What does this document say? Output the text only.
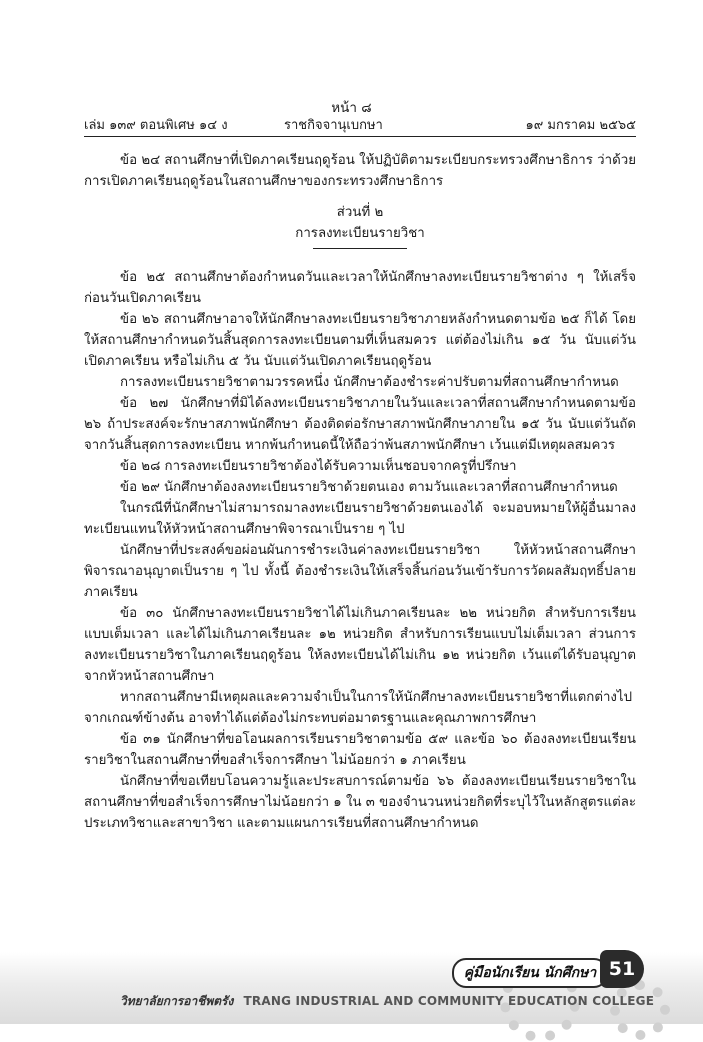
หน้า ๘
เล่ม ๑๓๙ ตอนพิเศษ ๑๔ ง	ราชกิจจานุเบกษา	๑๙ มกราคม ๒๕๖๕

ข้อ ๒๔ สถานศึกษาที่เปิดภาคเรียนฤดูร้อน ให้ปฏิบัติตามระเบียบกระทรวงศึกษาธิการ ว่าด้วยการเปิดภาคเรียนฤดูร้อนในสถานศึกษาของกระทรวงศึกษาธิการ

ส่วนที่ ๒

การลงทะเบียนรายวิชา

ข้อ ๒๕ สถานศึกษาต้องกำหนดวันและเวลาให้นักศึกษาลงทะเบียนรายวิชาต่าง ๆ ให้เสร็จก่อนวันเปิดภาคเรียน

ข้อ ๒๖ สถานศึกษาอาจให้นักศึกษาลงทะเบียนรายวิชาภายหลังกำหนดตามข้อ ๒๕ ก็ได้ โดยให้สถานศึกษากำหนดวันสิ้นสุดการลงทะเบียนตามที่เห็นสมควร แต่ต้องไม่เกิน ๑๕ วัน นับแต่วันเปิดภาคเรียน หรือไม่เกิน ๕ วัน นับแต่วันเปิดภาคเรียนฤดูร้อน

การลงทะเบียนรายวิชาตามวรรคหนึ่ง นักศึกษาต้องชำระค่าปรับตามที่สถานศึกษากำหนด

ข้อ ๒๗ นักศึกษาที่มิได้ลงทะเบียนรายวิชาภายในวันและเวลาที่สถานศึกษากำหนดตามข้อ ๒๖ ถ้าประสงค์จะรักษาสภาพนักศึกษา ต้องติดต่อรักษาสภาพนักศึกษาภายใน ๑๕ วัน นับแต่วันถัดจากวันสิ้นสุดการลงทะเบียน หากพ้นกำหนดนี้ให้ถือว่าพ้นสภาพนักศึกษา เว้นแต่มีเหตุผลสมควร

ข้อ ๒๘ การลงทะเบียนรายวิชาต้องได้รับความเห็นชอบจากครูที่ปรึกษา

ข้อ ๒๙ นักศึกษาต้องลงทะเบียนรายวิชาด้วยตนเอง ตามวันและเวลาที่สถานศึกษากำหนด

ในกรณีที่นักศึกษาไม่สามารถมาลงทะเบียนรายวิชาด้วยตนเองได้ จะมอบหมายให้ผู้อื่นมาลงทะเบียนแทนให้หัวหน้าสถานศึกษาพิจารณาเป็นราย ๆ ไป

นักศึกษาที่ประสงค์ขอผ่อนผันการชำระเงินค่าลงทะเบียนรายวิชา ให้หัวหน้าสถานศึกษาพิจารณาอนุญาตเป็นราย ๆ ไป ทั้งนี้ ต้องชำระเงินให้เสร็จสิ้นก่อนวันเข้ารับการวัดผลสัมฤทธิ์ปลายภาคเรียน

ข้อ ๓๐ นักศึกษาลงทะเบียนรายวิชาได้ไม่เกินภาคเรียนละ ๒๒ หน่วยกิต สำหรับการเรียนแบบเต็มเวลา และได้ไม่เกินภาคเรียนละ ๑๒ หน่วยกิต สำหรับการเรียนแบบไม่เต็มเวลา ส่วนการลงทะเบียนรายวิชาในภาคเรียนฤดูร้อน ให้ลงทะเบียนได้ไม่เกิน ๑๒ หน่วยกิต เว้นแต่ได้รับอนุญาตจากหัวหน้าสถานศึกษา

หากสถานศึกษามีเหตุผลและความจำเป็นในการให้นักศึกษาลงทะเบียนรายวิชาที่แตกต่างไปจากเกณฑ์ข้างต้น อาจทำได้แต่ต้องไม่กระทบต่อมาตรฐานและคุณภาพการศึกษา

ข้อ ๓๑ นักศึกษาที่ขอโอนผลการเรียนรายวิชาตามข้อ ๕๙ และข้อ ๖๐ ต้องลงทะเบียนเรียนรายวิชาในสถานศึกษาที่ขอสำเร็จการศึกษา ไม่น้อยกว่า ๑ ภาคเรียน

นักศึกษาที่ขอเทียบโอนความรู้และประสบการณ์ตามข้อ ๖๖ ต้องลงทะเบียนเรียนรายวิชาในสถานศึกษาที่ขอสำเร็จการศึกษาไม่น้อยกว่า ๑ ใน ๓ ของจำนวนหน่วยกิตที่ระบุไว้ในหลักสูตรแต่ละประเภทวิชาและสาขาวิชา และตามแผนการเรียนที่สถานศึกษากำหนด

คู่มือนักเรียน นักศึกษา 51
วิทยาลัยการอาชีพตรัง TRANG INDUSTRIAL AND COMMUNITY EDUCATION COLLEGE
